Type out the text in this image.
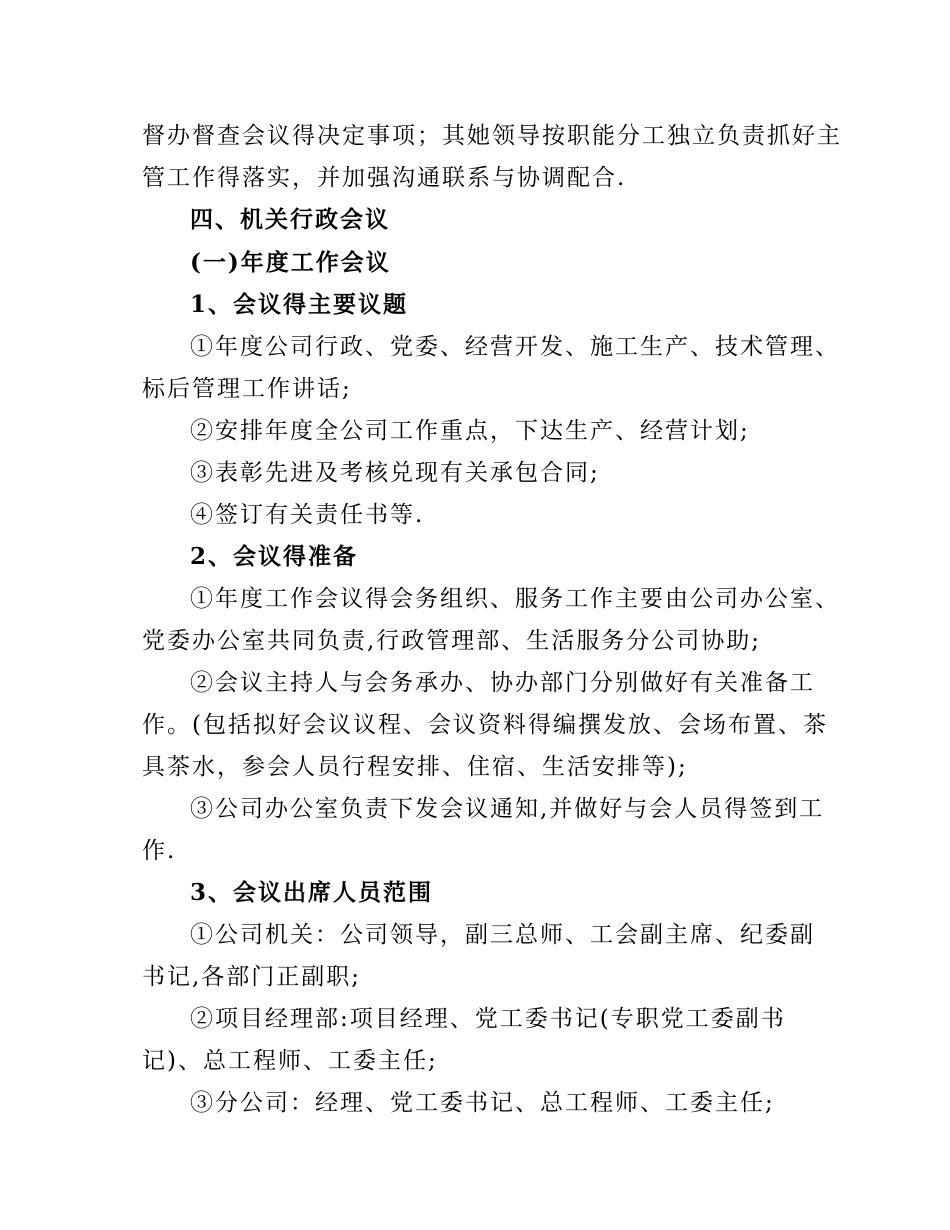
督办督查会议得决定事项；其她领导按职能分工独立负责抓好主
管工作得落实，并加强沟通联系与协调配合.
四、机关行政会议
(一)年度工作会议
1、会议得主要议题
①年度公司行政、党委、经营开发、施工生产、技术管理、
标后管理工作讲话;
②安排年度全公司工作重点，下达生产、经营计划;
③表彰先进及考核兑现有关承包合同;
④签订有关责任书等.
2、会议得准备
①年度工作会议得会务组织、服务工作主要由公司办公室、
党委办公室共同负责,行政管理部、生活服务分公司协助;
②会议主持人与会务承办、协办部门分别做好有关准备工
作。(包括拟好会议议程、会议资料得编撰发放、会场布置、茶
具茶水，参会人员行程安排、住宿、生活安排等);
③公司办公室负责下发会议通知,并做好与会人员得签到工
作.
3、会议出席人员范围
①公司机关：公司领导，副三总师、工会副主席、纪委副
书记,各部门正副职;
②项目经理部:项目经理、党工委书记(专职党工委副书
记)、总工程师、工委主任;
③分公司：经理、党工委书记、总工程师、工委主任;
